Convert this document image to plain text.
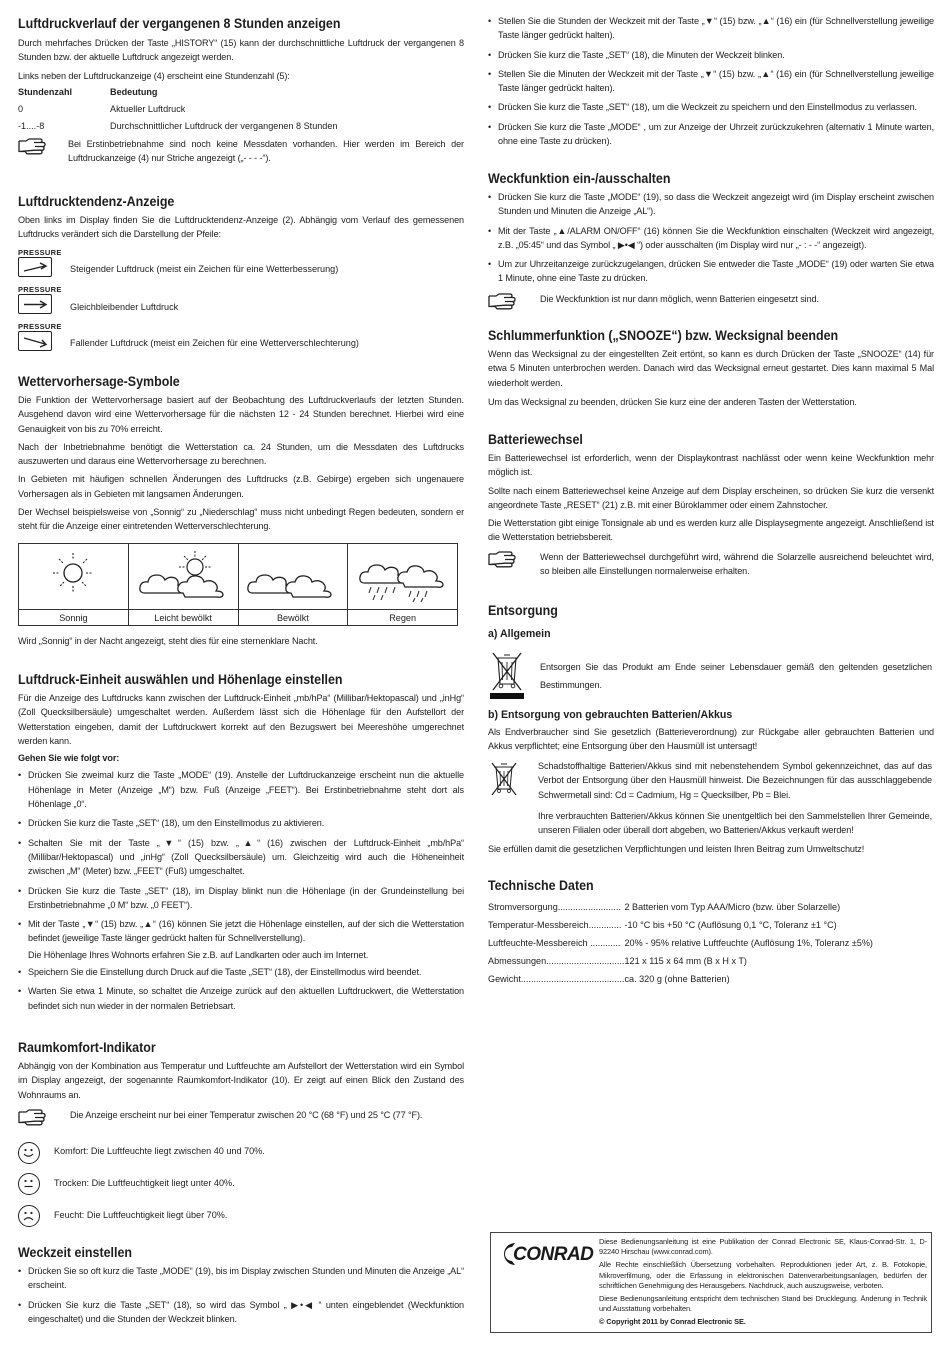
Luftdruckverlauf der vergangenen 8 Stunden anzeigen

Durch mehrfaches Drücken der Taste „HISTORY“ (15) kann der durchschnittliche Luftdruck der vergangenen 8 Stunden bzw. der aktuelle Luftdruck angezeigt werden.

Links neben der Luftdruckanzeige (4) erscheint eine Stundenzahl (5):

Stundenzahl	Bedeutung
0	Aktueller Luftdruck
-1....-8	Durchschnittlicher Luftdruck der vergangenen 8 Stunden
Bei Erstinbetriebnahme sind noch keine Messdaten vorhanden. Hier werden im Bereich der Luftdruckanzeige (4) nur Striche angezeigt („- - - -“).
Luftdrucktendenz-Anzeige

Oben links im Display finden Sie die Luftdrucktendenz-Anzeige (2). Abhängig vom Verlauf des gemessenen Luftdrucks verändert sich die Darstellung der Pfeile:

PRESSURE
Steigender Luftdruck (meist ein Zeichen für eine Wetterbesserung)
PRESSURE
Gleichbleibender Luftdruck
PRESSURE
Fallender Luftdruck (meist ein Zeichen für eine Wetterverschlechterung)
Wettervorhersage-Symbole

Die Funktion der Wettervorhersage basiert auf der Beobachtung des Luftdruckverlaufs der letzten Stunden. Ausgehend davon wird eine Wettervorhersage für die nächsten 12 - 24 Stunden berechnet. Hierbei wird eine Genauigkeit von bis zu 70% erreicht.

Nach der Inbetriebnahme benötigt die Wetterstation ca. 24 Stunden, um die Messdaten des Luftdrucks auszuwerten und daraus eine Wettervorhersage zu berechnen.

In Gebieten mit häufigen schnellen Änderungen des Luftdrucks (z.B. Gebirge) ergeben sich ungenauere Vorhersagen als in Gebieten mit langsamen Änderungen.

Der Wechsel beispielsweise von „Sonnig“ zu „Niederschlag“ muss nicht unbedingt Regen bedeuten, sondern er steht für die Anzeige einer eintretenden Wetterverschlechterung.

Sonnig	Leicht bewölkt	Bewölkt	Regen

Wird „Sonnig“ in der Nacht angezeigt, steht dies für eine sternenklare Nacht.

Luftdruck-Einheit auswählen und Höhenlage einstellen

Für die Anzeige des Luftdrucks kann zwischen der Luftdruck-Einheit „mb/hPa“ (Millibar/Hektopascal) und „inHg“ (Zoll Quecksilbersäule) umgeschaltet werden. Außerdem lässt sich die Höhenlage für den Aufstellort der Wetterstation eingeben, damit der Luftdruckwert korrekt auf den Bezugswert bei Meereshöhe umgerechnet werden kann.

Gehen Sie wie folgt vor:

• Drücken Sie zweimal kurz die Taste „MODE“ (19). Anstelle der Luftdruckanzeige erscheint nun die aktuelle Höhenlage in Meter (Anzeige „M“) bzw. Fuß (Anzeige „FEET“). Bei Erstinbetriebnahme steht dort als Höhenlage „0“.
• Drücken Sie kurz die Taste „SET“ (18), um den Einstellmodus zu aktivieren.
• Schalten Sie mit der Taste „▼“ (15) bzw. „▲“ (16) zwischen der Luftdruck-Einheit „mb/hPa“ (Millibar/Hektopascal) und „inHg“ (Zoll Quecksilbersäule) um. Gleichzeitig wird auch die Höheneinheit zwischen „M“ (Meter) bzw. „FEET“ (Fuß) umgeschaltet.
• Drücken Sie kurz die Taste „SET“ (18), im Display blinkt nun die Höhenlage (in der Grundeinstellung bei Erstinbetriebnahme „0 M“ bzw. „0 FEET“).
• Mit der Taste „▼“ (15) bzw. „▲“ (16) können Sie jetzt die Höhenlage einstellen, auf der sich die Wetterstation befindet (jeweilige Taste länger gedrückt halten für Schnellverstellung).

Die Höhenlage Ihres Wohnorts erfahren Sie z.B. auf Landkarten oder auch im Internet.

• Speichern Sie die Einstellung durch Druck auf die Taste „SET“ (18), der Einstellmodus wird beendet.
• Warten Sie etwa 1 Minute, so schaltet die Anzeige zurück auf den aktuellen Luftdruckwert, die Wetterstation befindet sich nun wieder in der normalen Betriebsart.
Raumkomfort-Indikator

Abhängig von der Kombination aus Temperatur und Luftfeuchte am Aufstellort der Wetterstation wird ein Symbol im Display angezeigt, der sogenannte Raumkomfort-Indikator (10). Er zeigt auf einen Blick den Zustand des Wohnraums an.

Die Anzeige erscheint nur bei einer Temperatur zwischen 20 °C (68 °F) und 25 °C (77 °F).
Komfort: Die Luftfeuchte liegt zwischen 40 und 70%.
Trocken: Die Luftfeuchtigkeit liegt unter 40%.
Feucht: Die Luftfeuchtigkeit liegt über 70%.
Weckzeit einstellen
• Drücken Sie so oft kurz die Taste „MODE“ (19), bis im Display zwischen Stunden und Minuten die Anzeige „AL“ erscheint.
• Drücken Sie kurz die Taste „SET“ (18), so wird das Symbol „ ▶•◀ “ unten eingeblendet (Weckfunktion eingeschaltet) und die Stunden der Weckzeit blinken.
• Stellen Sie die Stunden der Weckzeit mit der Taste „▼“ (15) bzw. „▲“ (16) ein (für Schnellverstellung jeweilige Taste länger gedrückt halten).
• Drücken Sie kurz die Taste „SET“ (18), die Minuten der Weckzeit blinken.
• Stellen Sie die Minuten der Weckzeit mit der Taste „▼“ (15) bzw. „▲“ (16) ein (für Schnellverstellung jeweilige Taste länger gedrückt halten).
• Drücken Sie kurz die Taste „SET“ (18), um die Weckzeit zu speichern und den Einstellmodus zu verlassen.
• Drücken Sie kurz die Taste „MODE“ , um zur Anzeige der Uhrzeit zurückzukehren (alternativ 1 Minute warten, ohne eine Taste zu drücken).
Weckfunktion ein-/ausschalten
• Drücken Sie kurz die Taste „MODE“ (19), so dass die Weckzeit angezeigt wird (im Display erscheint zwischen Stunden und Minuten die Anzeige „AL“).
• Mit der Taste „▲/ALARM ON/OFF“ (16) können Sie die Weckfunktion einschalten (Weckzeit wird angezeigt, z.B. „05:45“ und das Symbol „ ▶•◀ “) oder ausschalten (im Display wird nur „- : - -“ angezeigt).
• Um zur Uhrzeitanzeige zurückzugelangen, drücken Sie entweder die Taste „MODE“ (19) oder warten Sie etwa 1 Minute, ohne eine Taste zu drücken.
Die Weckfunktion ist nur dann möglich, wenn Batterien eingesetzt sind.
Schlummerfunktion („SNOOZE“) bzw. Wecksignal beenden

Wenn das Wecksignal zu der eingestellten Zeit ertönt, so kann es durch Drücken der Taste „SNOOZE“ (14) für etwa 5 Minuten unterbrochen werden. Danach wird das Wecksignal erneut gestartet. Dies kann maximal 5 Mal wiederholt werden.

Um das Wecksignal zu beenden, drücken Sie kurz eine der anderen Tasten der Wetterstation.

Batteriewechsel

Ein Batteriewechsel ist erforderlich, wenn der Displaykontrast nachlässt oder wenn keine Weckfunktion mehr möglich ist.

Sollte nach einem Batteriewechsel keine Anzeige auf dem Display erscheinen, so drücken Sie kurz die versenkt angeordnete Taste „RESET“ (21) z.B. mit einer Büroklammer oder einem Zahnstocher.

Die Wetterstation gibt einige Tonsignale ab und es werden kurz alle Displaysegmente angezeigt. Anschließend ist die Wetterstation betriebsbereit.

Wenn der Batteriewechsel durchgeführt wird, während die Solarzelle ausreichend beleuchtet wird, so bleiben alle Einstellungen normalerweise erhalten.
Entsorgung
a) Allgemein

Entsorgen Sie das Produkt am Ende seiner Lebensdauer gemäß den geltenden gesetzlichen Bestimmungen.

b) Entsorgung von gebrauchten Batterien/Akkus

Als Endverbraucher sind Sie gesetzlich (Batterieverordnung) zur Rückgabe aller gebrauchten Batterien und Akkus verpflichtet; eine Entsorgung über den Hausmüll ist untersagt!

Schadstoffhaltige Batterien/Akkus sind mit nebenstehendem Symbol gekennzeichnet, das auf das Verbot der Entsorgung über den Hausmüll hinweist. Die Bezeichnungen für das ausschlaggebende Schwermetall sind: Cd = Cadmium, Hg = Quecksilber, Pb = Blei.

Ihre verbrauchten Batterien/Akkus können Sie unentgeltlich bei den Sammelstellen Ihrer Gemeinde, unseren Filialen oder überall dort abgeben, wo Batterien/Akkus verkauft werden!

Sie erfüllen damit die gesetzlichen Verpflichtungen und leisten Ihren Beitrag zum Umweltschutz!

Technische Daten
Stromversorgung.........................	2 Batterien vom Typ AAA/Micro (bzw. über Solarzelle)
Temperatur-Messbereich.............	-10 °C bis +50 °C (Auflösung 0,1 °C, Toleranz ±1 °C)
Luftfeuchte-Messbereich ............	20% - 95% relative Luftfeuchte (Auflösung 1%, Toleranz ±5%)
Abmessungen...............................	121 x 115 x 64 mm (B x H x T)
Gewicht.........................................	ca. 320 g (ohne Batterien)
CONRAD

Diese Bedienungsanleitung ist eine Publikation der Conrad Electronic SE, Klaus-Conrad-Str. 1, D-92240 Hirschau (www.conrad.com).

Alle Rechte einschließlich Übersetzung vorbehalten. Reproduktionen jeder Art, z. B. Fotokopie, Mikroverfilmung, oder die Erfassung in elektronischen Datenverarbeitungsanlagen, bedürfen der schriftlichen Genehmigung des Herausgebers. Nachdruck, auch auszugsweise, verboten.

Diese Bedienungsanleitung entspricht dem technischen Stand bei Drucklegung. Änderung in Technik und Ausstattung vorbehalten.

© Copyright 2011 by Conrad Electronic SE.
